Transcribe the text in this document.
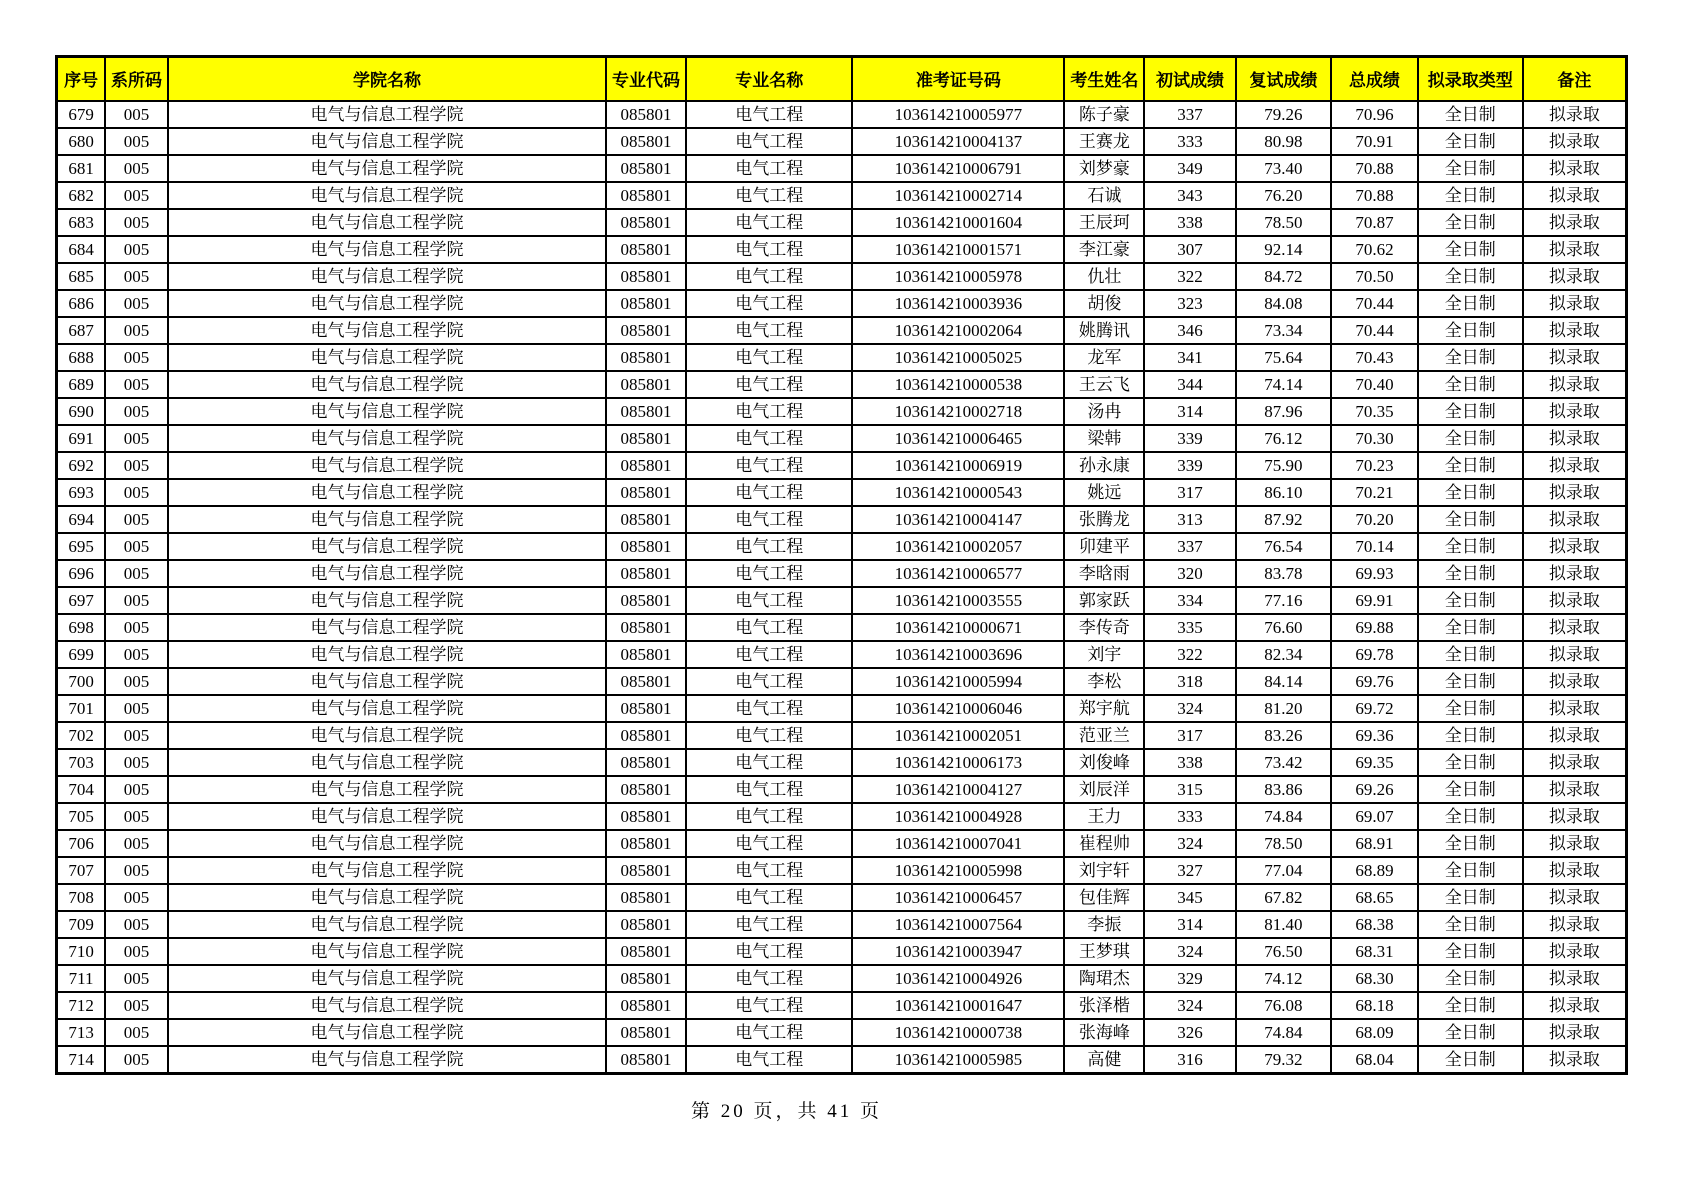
序号	系所码	学院名称	专业代码	专业名称	准考证号码	考生姓名	初试成绩	复试成绩	总成绩	拟录取类型	备注
679	005	电气与信息工程学院	085801	电气工程	103614210005977	陈子豪	337	79.26	70.96	全日制	拟录取
680	005	电气与信息工程学院	085801	电气工程	103614210004137	王赛龙	333	80.98	70.91	全日制	拟录取
681	005	电气与信息工程学院	085801	电气工程	103614210006791	刘梦豪	349	73.40	70.88	全日制	拟录取
682	005	电气与信息工程学院	085801	电气工程	103614210002714	石诚	343	76.20	70.88	全日制	拟录取
683	005	电气与信息工程学院	085801	电气工程	103614210001604	王辰珂	338	78.50	70.87	全日制	拟录取
684	005	电气与信息工程学院	085801	电气工程	103614210001571	李江豪	307	92.14	70.62	全日制	拟录取
685	005	电气与信息工程学院	085801	电气工程	103614210005978	仇壮	322	84.72	70.50	全日制	拟录取
686	005	电气与信息工程学院	085801	电气工程	103614210003936	胡俊	323	84.08	70.44	全日制	拟录取
687	005	电气与信息工程学院	085801	电气工程	103614210002064	姚腾讯	346	73.34	70.44	全日制	拟录取
688	005	电气与信息工程学院	085801	电气工程	103614210005025	龙军	341	75.64	70.43	全日制	拟录取
689	005	电气与信息工程学院	085801	电气工程	103614210000538	王云飞	344	74.14	70.40	全日制	拟录取
690	005	电气与信息工程学院	085801	电气工程	103614210002718	汤冉	314	87.96	70.35	全日制	拟录取
691	005	电气与信息工程学院	085801	电气工程	103614210006465	梁韩	339	76.12	70.30	全日制	拟录取
692	005	电气与信息工程学院	085801	电气工程	103614210006919	孙永康	339	75.90	70.23	全日制	拟录取
693	005	电气与信息工程学院	085801	电气工程	103614210000543	姚远	317	86.10	70.21	全日制	拟录取
694	005	电气与信息工程学院	085801	电气工程	103614210004147	张腾龙	313	87.92	70.20	全日制	拟录取
695	005	电气与信息工程学院	085801	电气工程	103614210002057	卯建平	337	76.54	70.14	全日制	拟录取
696	005	电气与信息工程学院	085801	电气工程	103614210006577	李晗雨	320	83.78	69.93	全日制	拟录取
697	005	电气与信息工程学院	085801	电气工程	103614210003555	郭家跃	334	77.16	69.91	全日制	拟录取
698	005	电气与信息工程学院	085801	电气工程	103614210000671	李传奇	335	76.60	69.88	全日制	拟录取
699	005	电气与信息工程学院	085801	电气工程	103614210003696	刘宇	322	82.34	69.78	全日制	拟录取
700	005	电气与信息工程学院	085801	电气工程	103614210005994	李松	318	84.14	69.76	全日制	拟录取
701	005	电气与信息工程学院	085801	电气工程	103614210006046	郑宇航	324	81.20	69.72	全日制	拟录取
702	005	电气与信息工程学院	085801	电气工程	103614210002051	范亚兰	317	83.26	69.36	全日制	拟录取
703	005	电气与信息工程学院	085801	电气工程	103614210006173	刘俊峰	338	73.42	69.35	全日制	拟录取
704	005	电气与信息工程学院	085801	电气工程	103614210004127	刘辰洋	315	83.86	69.26	全日制	拟录取
705	005	电气与信息工程学院	085801	电气工程	103614210004928	王力	333	74.84	69.07	全日制	拟录取
706	005	电气与信息工程学院	085801	电气工程	103614210007041	崔程帅	324	78.50	68.91	全日制	拟录取
707	005	电气与信息工程学院	085801	电气工程	103614210005998	刘宇轩	327	77.04	68.89	全日制	拟录取
708	005	电气与信息工程学院	085801	电气工程	103614210006457	包佳辉	345	67.82	68.65	全日制	拟录取
709	005	电气与信息工程学院	085801	电气工程	103614210007564	李振	314	81.40	68.38	全日制	拟录取
710	005	电气与信息工程学院	085801	电气工程	103614210003947	王梦琪	324	76.50	68.31	全日制	拟录取
711	005	电气与信息工程学院	085801	电气工程	103614210004926	陶珺杰	329	74.12	68.30	全日制	拟录取
712	005	电气与信息工程学院	085801	电气工程	103614210001647	张泽楷	324	76.08	68.18	全日制	拟录取
713	005	电气与信息工程学院	085801	电气工程	103614210000738	张海峰	326	74.84	68.09	全日制	拟录取
714	005	电气与信息工程学院	085801	电气工程	103614210005985	高健	316	79.32	68.04	全日制	拟录取
第 20 页，共 41 页
